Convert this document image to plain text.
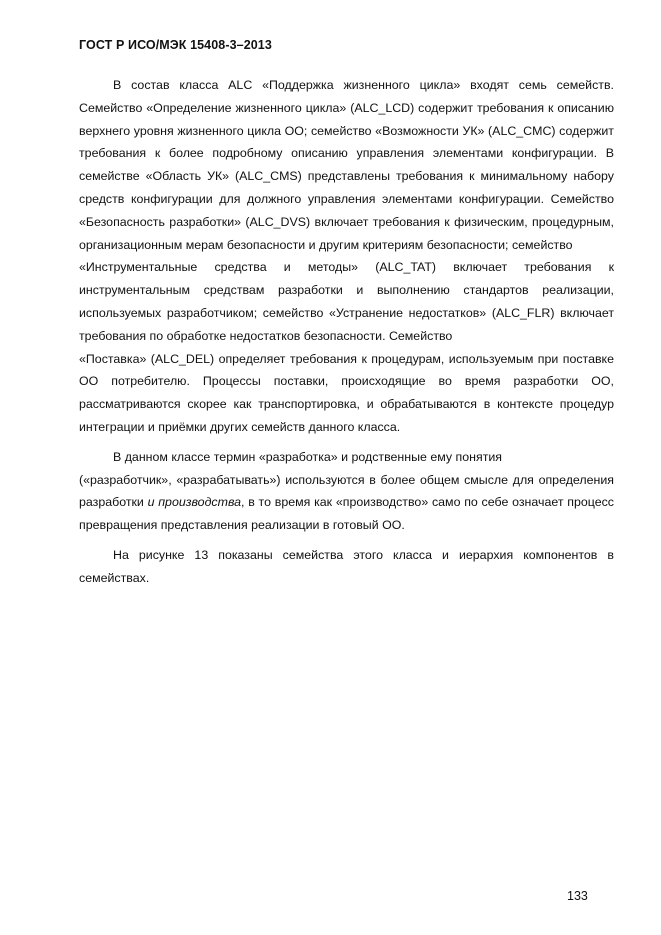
ГОСТ Р ИСО/МЭК 15408-3–2013

В состав класса ALC «Поддержка жизненного цикла» входят семь семейств. Семейство «Определение жизненного цикла» (ALC_LCD) содержит требования к описанию верхнего уровня жизненного цикла ОО; семейство «Возможности УК» (ALC_CMC) содержит требования к более подробному описанию управления элементами конфигурации. В семействе «Область УК» (ALC_CMS) представлены требования к минимальному набору средств конфигурации для должного управления элементами конфигурации. Семейство «Безопасность разработки» (ALC_DVS) включает требования к физическим, процедурным, организационным мерам безопасности и другим критериям безопасности; семейство
«Инструментальные средства и методы» (ALC_TAT) включает требования к инструментальным средствам разработки и выполнению стандартов реализации, используемых разработчиком; семейство «Устранение недостатков» (ALC_FLR) включает требования по обработке недостатков безопасности. Семейство
«Поставка» (ALC_DEL) определяет требования к процедурам, используемым при поставке ОО потребителю. Процессы поставки, происходящие во время разработки ОО, рассматриваются скорее как транспортировка, и обрабатываются в контексте процедур интеграции и приёмки других семейств данного класса.

В данном классе термин «разработка» и родственные ему понятия
(«разработчик», «разрабатывать») используются в более общем смысле для определения разработки и производства, в то время как «производство» само по себе означает процесс превращения представления реализации в готовый ОО.

На рисунке 13 показаны семейства этого класса и иерархия компонентов в семействах.

133
